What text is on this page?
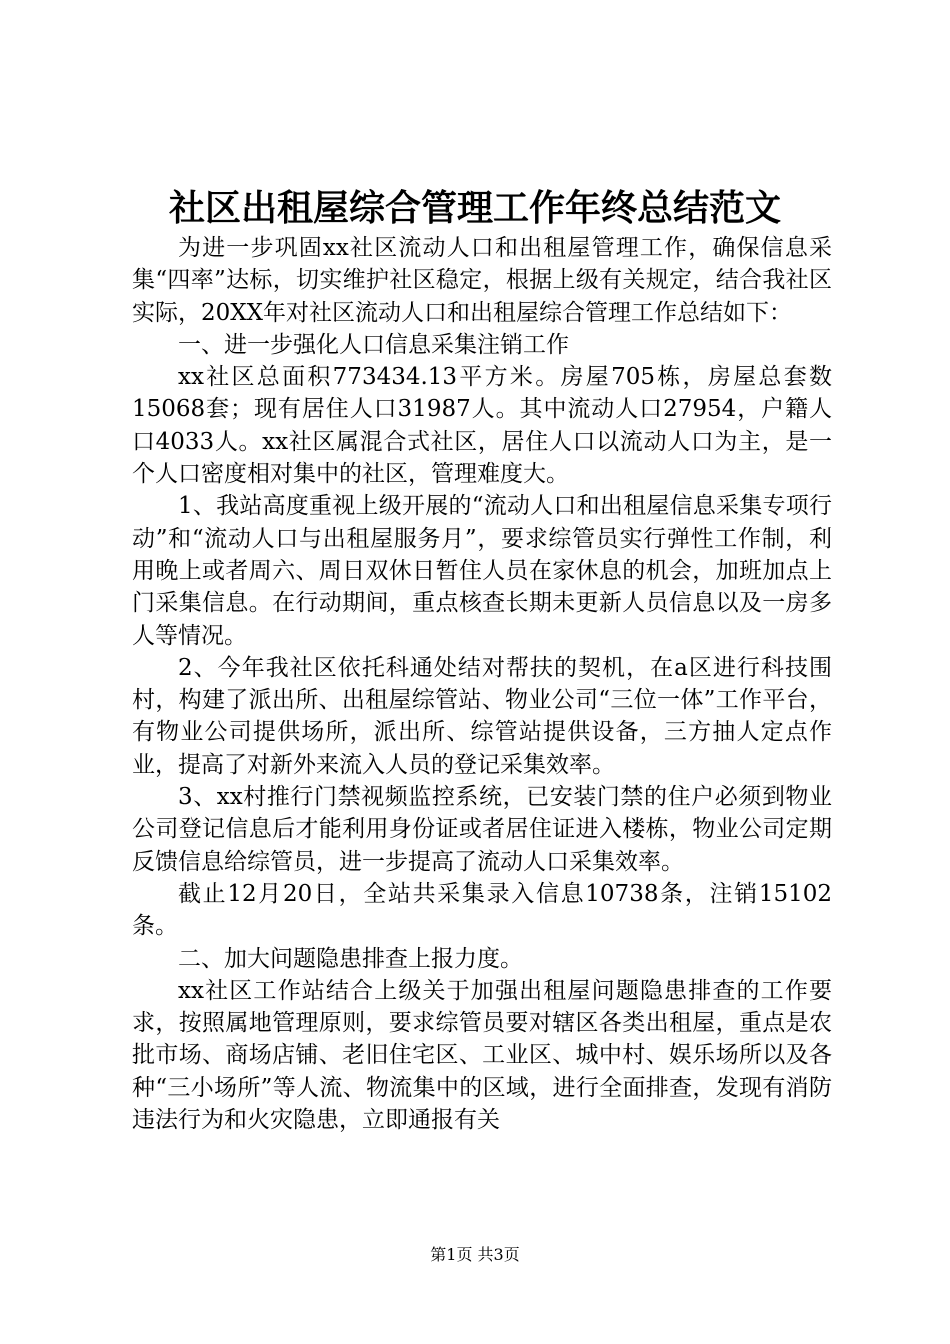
社区出租屋综合管理工作年终总结范文

为进一步巩固xx社区流动人口和出租屋管理工作，确保信息采集“四率”达标，切实维护社区稳定，根据上级有关规定，结合我社区实际，20XX年对社区流动人口和出租屋综合管理工作总结如下：

一、进一步强化人口信息采集注销工作

xx社区总面积773434.13平方米。房屋705栋，房屋总套数15068套；现有居住人口31987人。其中流动人口27954，户籍人口4033人。xx社区属混合式社区，居住人口以流动人口为主，是一个人口密度相对集中的社区，管理难度大。

1、我站高度重视上级开展的“流动人口和出租屋信息采集专项行动”和“流动人口与出租屋服务月”，要求综管员实行弹性工作制，利用晚上或者周六、周日双休日暂住人员在家休息的机会，加班加点上门采集信息。在行动期间，重点核查长期未更新人员信息以及一房多人等情况。

2、今年我社区依托科通处结对帮扶的契机，在a区进行科技围村，构建了派出所、出租屋综管站、物业公司“三位一体”工作平台，有物业公司提供场所，派出所、综管站提供设备，三方抽人定点作业，提高了对新外来流入人员的登记采集效率。

3、xx村推行门禁视频监控系统，已安装门禁的住户必须到物业公司登记信息后才能利用身份证或者居住证进入楼栋，物业公司定期反馈信息给综管员，进一步提高了流动人口采集效率。

截止12月20日，全站共采集录入信息10738条，注销15102条。

二、加大问题隐患排查上报力度。

xx社区工作站结合上级关于加强出租屋问题隐患排查的工作要求，按照属地管理原则，要求综管员要对辖区各类出租屋，重点是农批市场、商场店铺、老旧住宅区、工业区、城中村、娱乐场所以及各种“三小场所”等人流、物流集中的区域，进行全面排查，发现有消防违法行为和火灾隐患，立即通报有关

第1页 共3页
